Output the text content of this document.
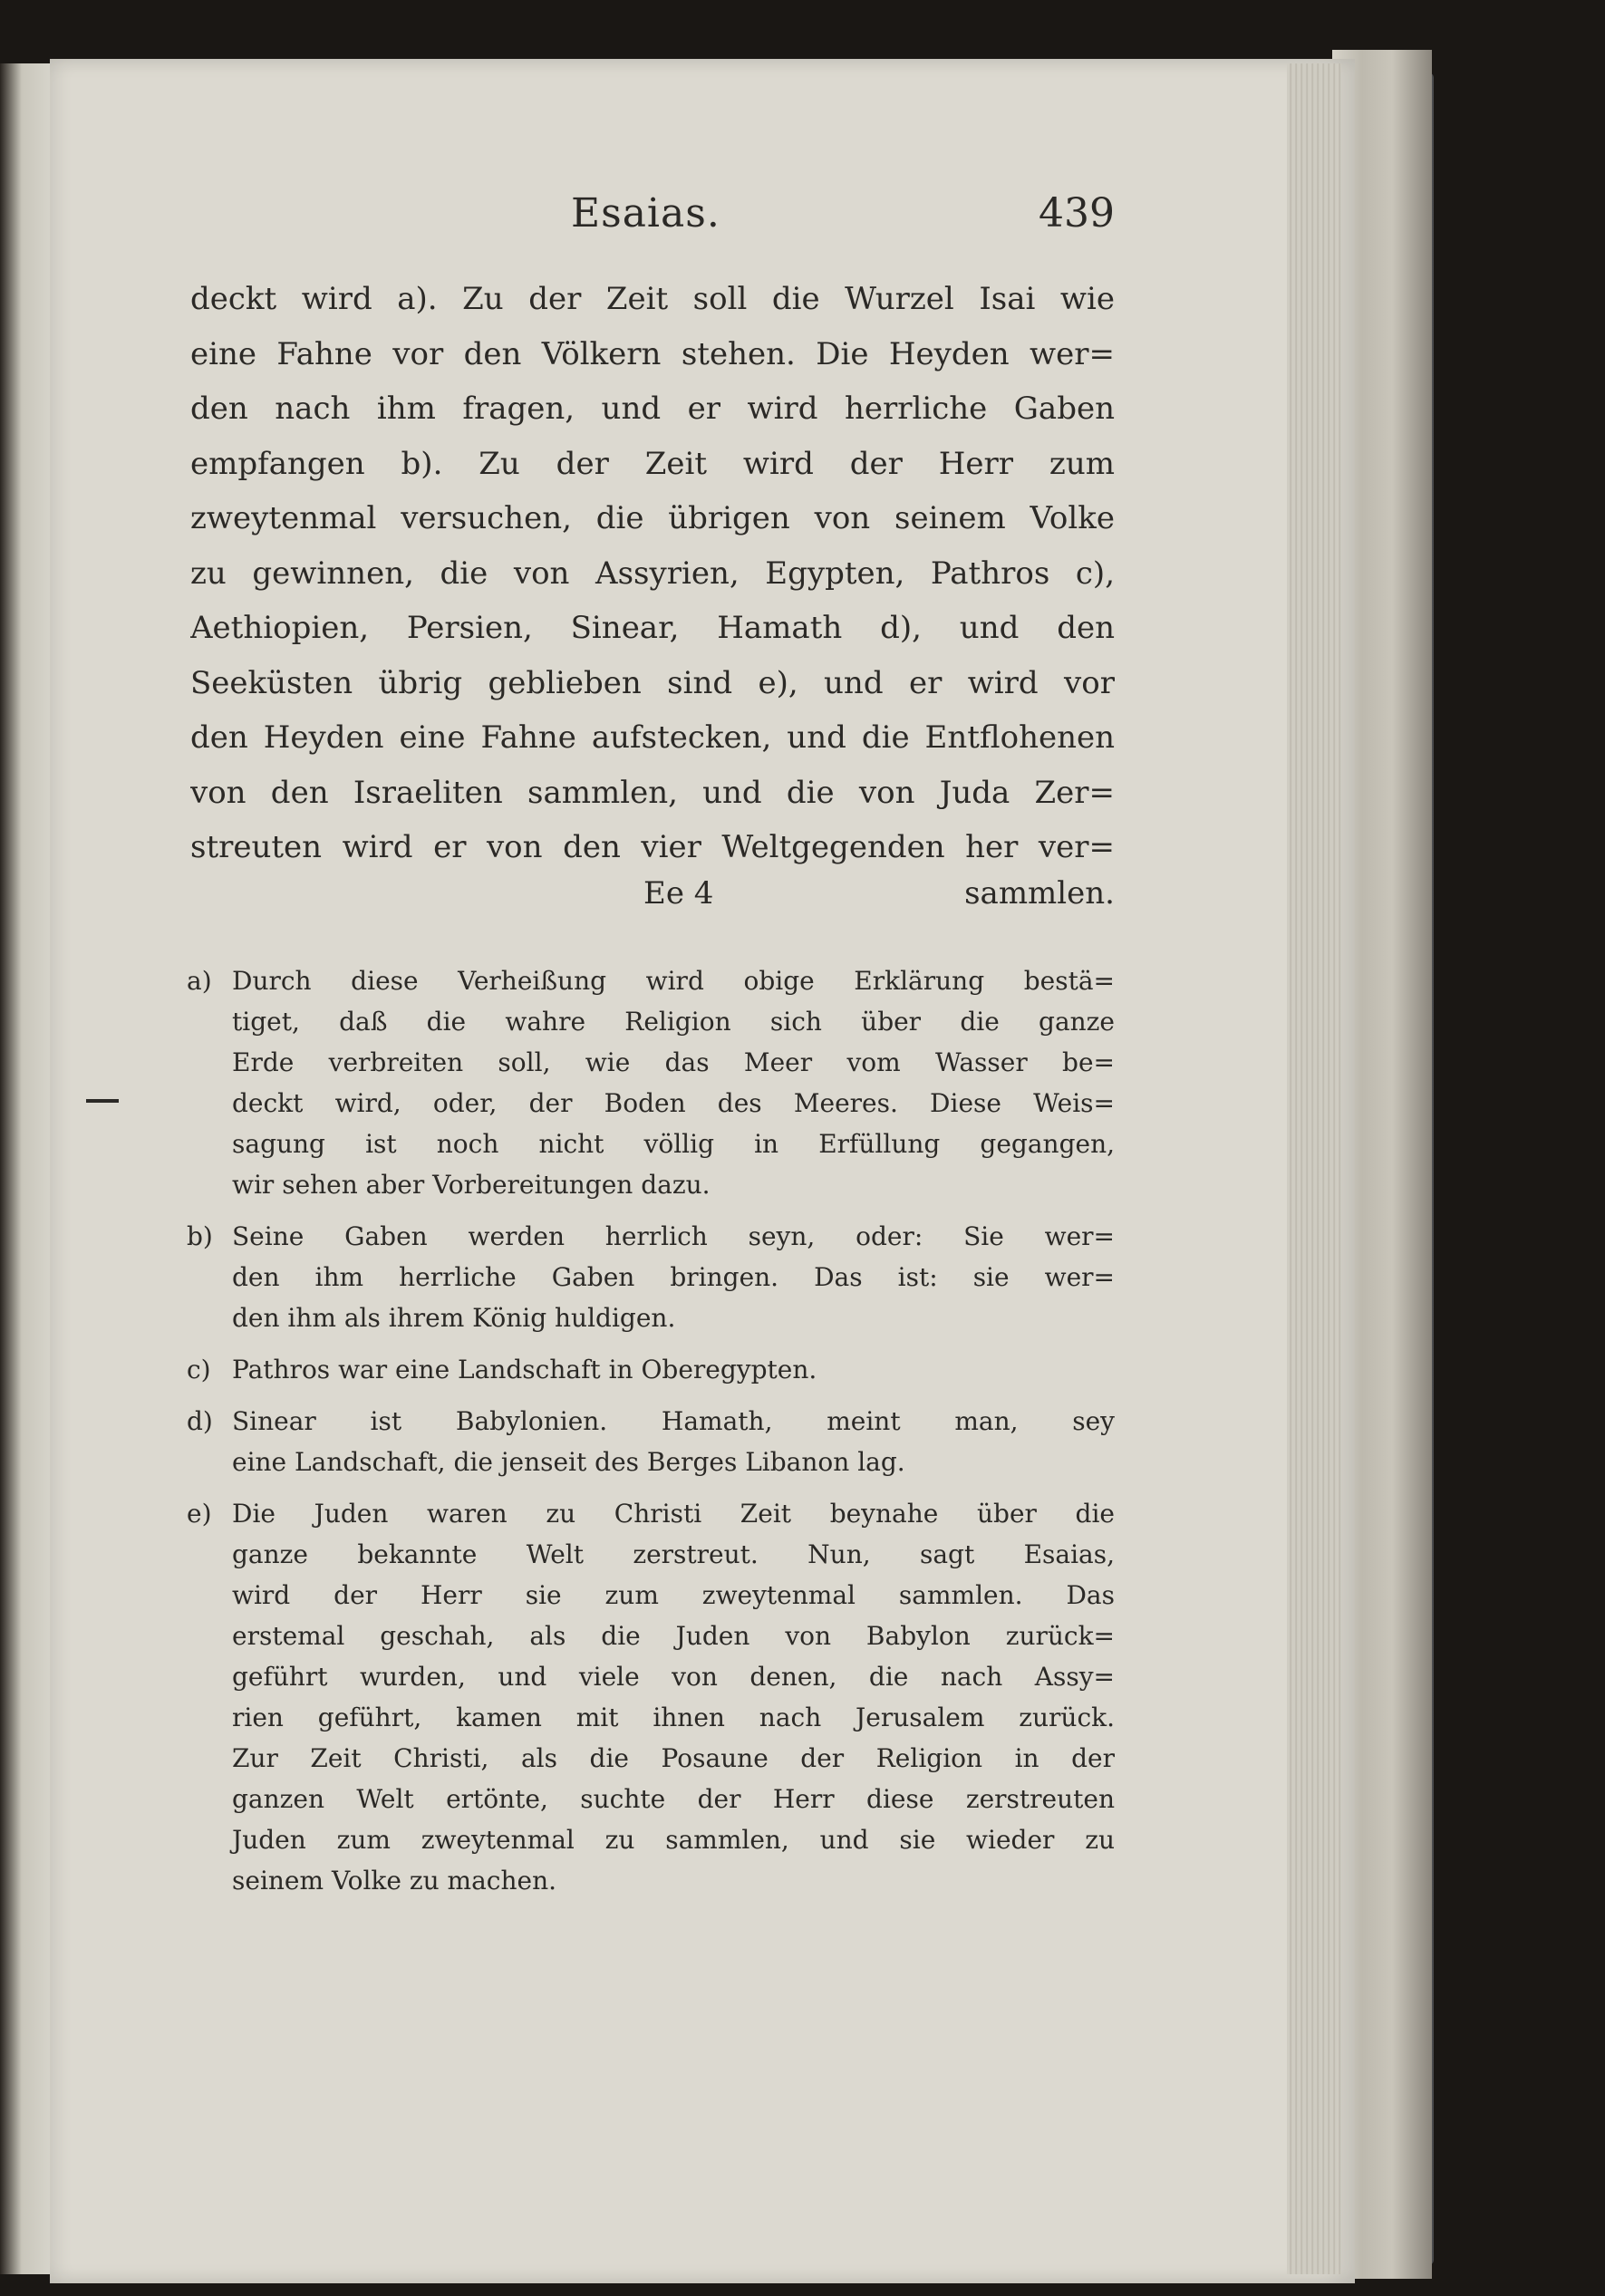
Esaias.	439
deckt wird a). Zu der Zeit soll die Wurzel Isai wie
eine Fahne vor den Völkern stehen. Die Heyden wer=
den nach ihm fragen, und er wird herrliche Gaben
empfangen b). Zu der Zeit wird der Herr zum
zweytenmal versuchen, die übrigen von seinem Volke
zu gewinnen, die von Assyrien, Egypten, Pathros c),
Aethiopien, Persien, Sinear, Hamath d), und den
Seeküsten übrig geblieben sind e), und er wird vor
den Heyden eine Fahne aufstecken, und die Entflohenen
von den Israeliten sammlen, und die von Juda Zer=
streuten wird er von den vier Weltgegenden her ver=
Ee 4	sammlen.
a) Durch diese Verheißung wird obige Erklärung bestä=
tiget, daß die wahre Religion sich über die ganze
Erde verbreiten soll, wie das Meer vom Wasser be=
deckt wird, oder, der Boden des Meeres. Diese Weis=
sagung ist noch nicht völlig in Erfüllung gegangen,
wir sehen aber Vorbereitungen dazu.
b) Seine Gaben werden herrlich seyn, oder: Sie wer=
den ihm herrliche Gaben bringen. Das ist: sie wer=
den ihm als ihrem König huldigen.
c) Pathros war eine Landschaft in Oberegypten.
d) Sinear ist Babylonien. Hamath, meint man, sey
eine Landschaft, die jenseit des Berges Libanon lag.
e) Die Juden waren zu Christi Zeit beynahe über die
ganze bekannte Welt zerstreut. Nun, sagt Esaias,
wird der Herr sie zum zweytenmal sammlen. Das
erstemal geschah, als die Juden von Babylon zurück=
geführt wurden, und viele von denen, die nach Assy=
rien geführt, kamen mit ihnen nach Jerusalem zurück.
Zur Zeit Christi, als die Posaune der Religion in der
ganzen Welt ertönte, suchte der Herr diese zerstreuten
Juden zum zweytenmal zu sammlen, und sie wieder zu
seinem Volke zu machen.
